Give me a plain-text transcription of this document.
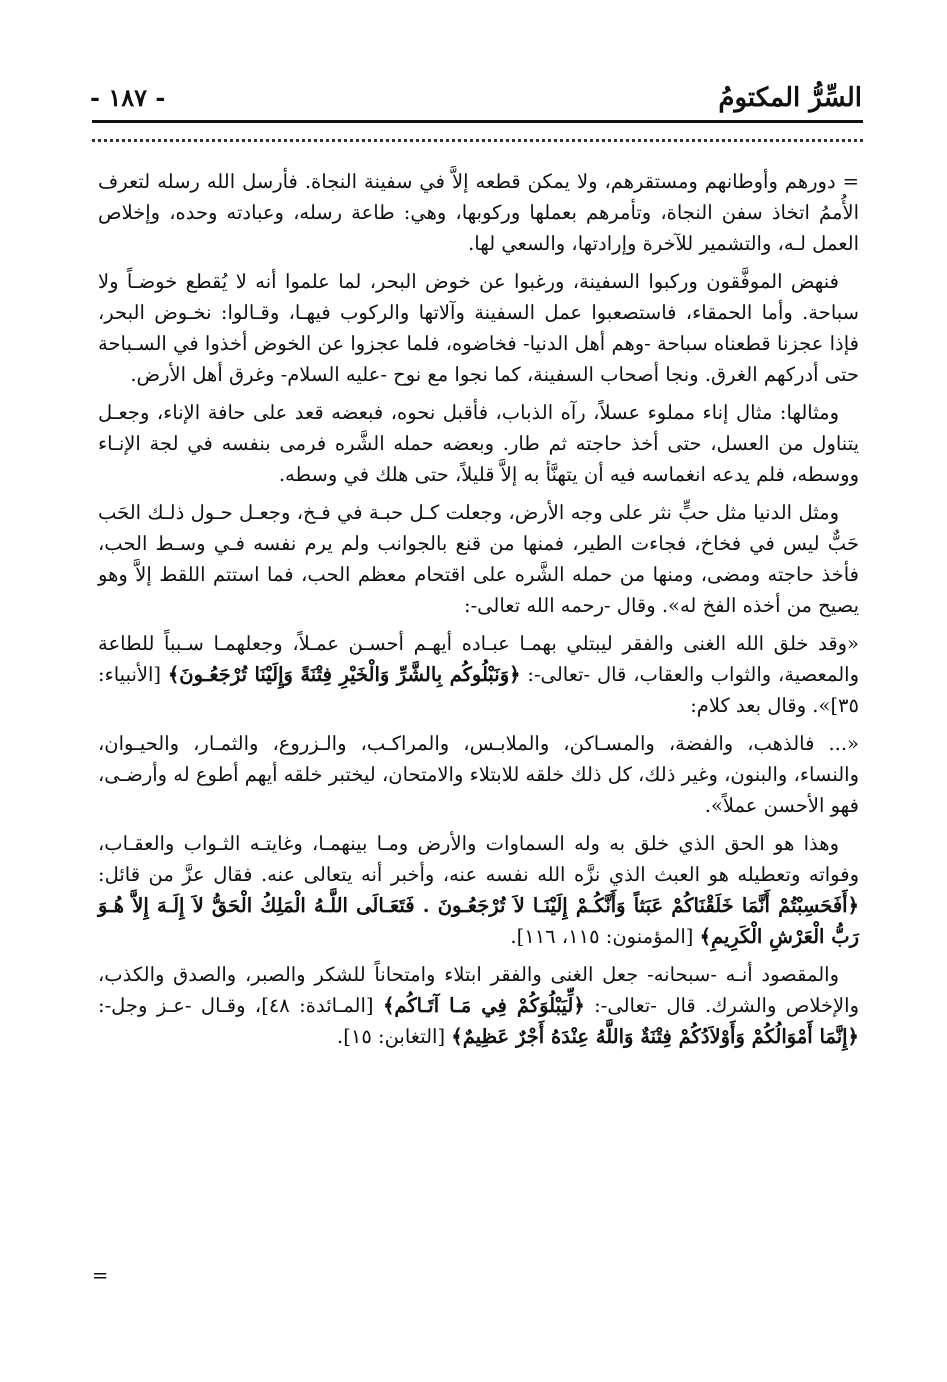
السِّرُّ المكتومُ
- ١٨٧ -

= دورهم وأوطانهم ومستقرهم، ولا يمكن قطعه إلاَّ في سفينة النجاة. فأرسل الله رسله لتعرف الأُممُ اتخاذ سفن النجاة، وتأمرهم بعملها وركوبها، وهي: طاعة رسله، وعبادته وحده، وإخلاص العمل لـه، والتشمير للآخرة وإرادتها، والسعي لها.

فنهض الموفَّقون وركبوا السفينة، ورغبوا عن خوض البحر، لما علموا أنه لا يُقطع خوضـاً ولا سباحة. وأما الحمقاء، فاستصعبوا عمل السفينة وآلاتها والركوب فيهـا، وقـالوا: نخـوض البحر، فإذا عجزنا قطعناه سباحة -وهم أهل الدنيا- فخاضوه، فلما عجزوا عن الخوض أخذوا في السـباحة حتى أدركهم الغرق. ونجا أصحاب السفينة، كما نجوا مع نوح -عليه السلام- وغرق أهل الأرض.

ومثالها: مثال إناء مملوء عسلاً، رآه الذباب، فأقبل نحوه، فبعضه قعد على حافة الإناء، وجعـل يتناول من العسل، حتى أخذ حاجته ثم طار. وبعضه حمله الشَّره فرمى بنفسه في لجة الإنـاء ووسطه، فلم يدعه انغماسه فيه أن يتهنَّأ به إلاَّ قليلاً، حتى هلك في وسطه.

ومثل الدنيا مثل حبٍّ نثر على وجه الأرض، وجعلت كـل حبـة في فـخ، وجعـل حـول ذلـك الحَب حَبٌّ ليس في فخاخ، فجاءت الطير، فمنها من قنع بالجوانب ولم يرم نفسه فـي وسـط الحب، فأخذ حاجته ومضى، ومنها من حمله الشَّره على اقتحام معظم الحب، فما استتم اللقط إلاَّ وهو يصيح من أخذه الفخ له». وقال -رحمه الله تعالى-:

«وقد خلق الله الغنى والفقر ليبتلي بهمـا عبـاده أيهـم أحسـن عمـلاً، وجعلهمـا سـبباً للطاعة والمعصية، والثواب والعقاب، قال -تعالى-: ﴿وَنَبْلُوكُم بِالشَّرِّ وَالْخَيْرِ فِتْنَةً وَإِلَيْنَا تُرْجَعُـونَ﴾ [الأنبياء: ٣٥]». وقال بعد كلام:

«... فالذهب، والفضة، والمسـاكن، والملابـس، والمراكـب، والـزروع، والثمـار، والحيـوان، والنساء، والبنون، وغير ذلك، كل ذلك خلقه للابتلاء والامتحان، ليختبر خلقه أيهم أطوع له وأرضـى، فهو الأحسن عملاً».

وهذا هو الحق الذي خلق به وله السماوات والأرض ومـا بينهمـا، وغايتـه الثـواب والعقـاب، وفواته وتعطيله هو العبث الذي نزَّه الله نفسه عنه، وأخبر أنه يتعالى عنه. فقال عزَّ من قائل: ﴿أَفَحَسِبْتُمْ أَنَّمَا خَلَقْنَاكُمْ عَبَثاً وَأَنَّكُـمْ إِلَيْنَـا لاَ تُرْجَعُـونَ . فَتَعَـالَى اللَّـهُ الْمَلِكُ الْحَقُّ لاَ إِلَـهَ إِلاَّ هُـوَ رَبُّ الْعَرْشِ الْكَرِيمِ﴾ [المؤمنون: ١١٥، ١١٦].

والمقصود أنـه -سبحانه- جعل الغنى والفقر ابتلاء وامتحاناً للشكر والصبر، والصدق والكذب، والإخلاص والشرك. قال -تعالى-: ﴿لِّيَبْلُوَكُمْ فِي مَـا آتَـاكُم﴾ [المـائدة: ٤٨]، وقـال -عـز وجل-: ﴿إِنَّمَا أَمْوَالُكُمْ وَأَوْلاَدُكُمْ فِتْنَةٌ وَاللَّهُ عِنْدَهُ أَجْرٌ عَظِيمٌ﴾ [التغابن: ١٥].

=
